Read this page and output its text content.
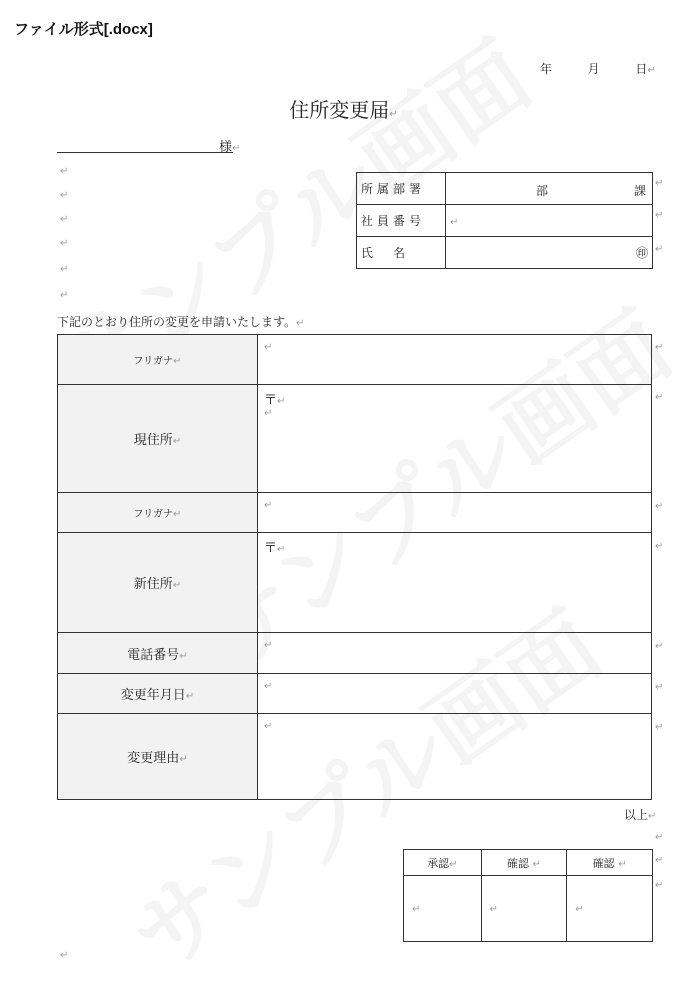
ファイル形式[.docx]
年	月	日↵
住所変更届↵
様↵
↵
↵
↵
↵
↵
↵
所属部署	部 課

社員番号	↵
氏　名	㊞
↵
↵
↵
下記のとおり住所の変更を申請いたします。↵
フリガナ↵	↵
現住所↵	〒↵
↵

フリガナ↵	↵
新住所↵	〒↵
電話番号↵	↵
変更年月日↵	↵
変更理由↵	↵
↵
↵
↵
↵
↵
↵
↵
以上↵
↵
承認↵	確認 ↵	確認 ↵
↵	↵	↵
↵
↵
↵
